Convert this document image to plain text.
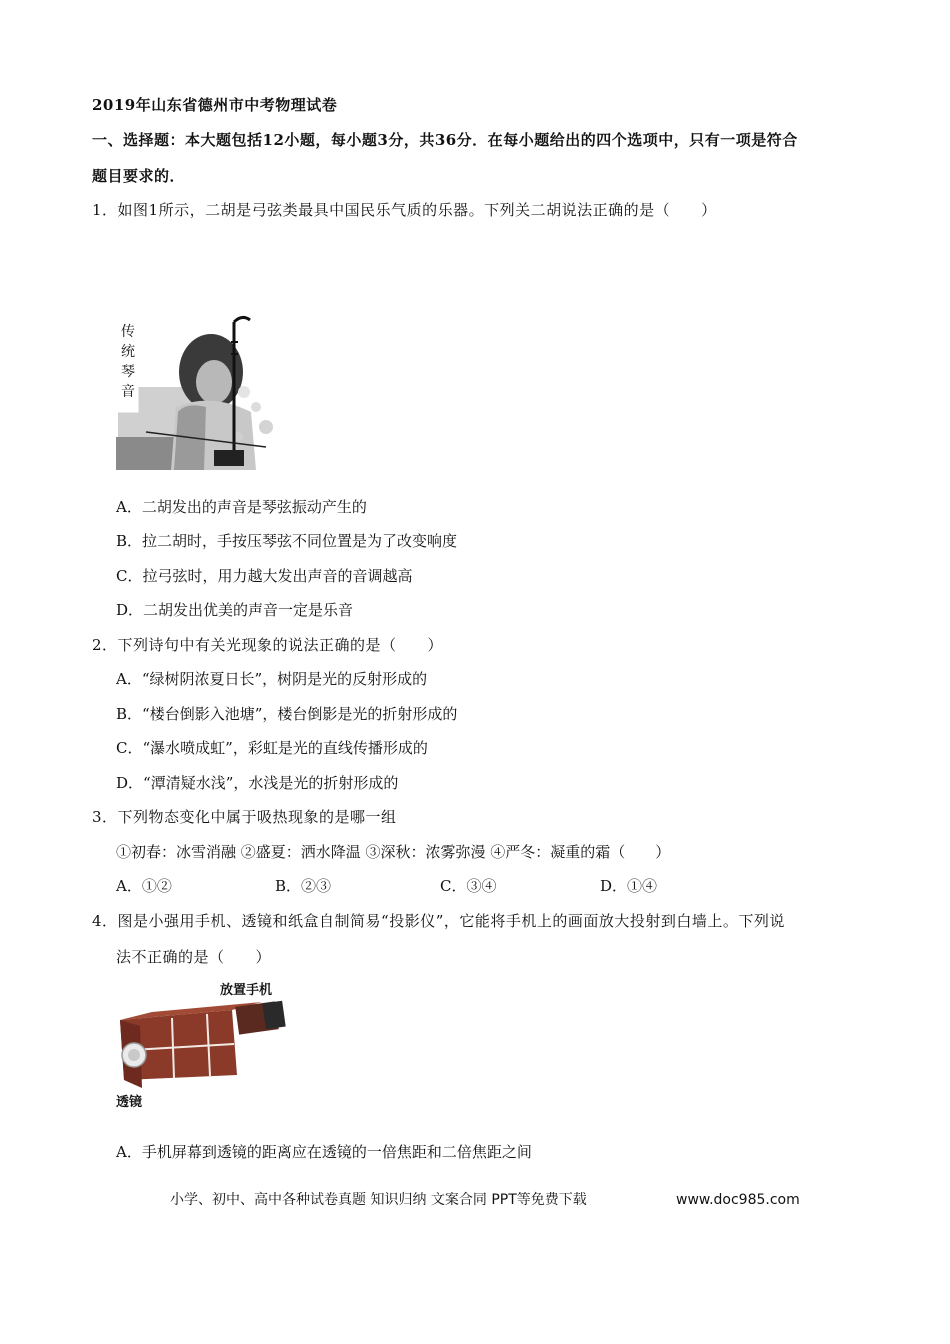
2019年山东省德州市中考物理试卷
一、选择题：本大题包括12小题，每小题3分，共36分．在每小题给出的四个选项中，只有一项是符合
题目要求的．
1．如图1所示，二胡是弓弦类最具中国民乐气质的乐器。下列关二胡说法正确的是（　　）
传
统
琴
音
A．二胡发出的声音是琴弦振动产生的
B．拉二胡时，手按压琴弦不同位置是为了改变响度
C．拉弓弦时，用力越大发出声音的音调越高
D．二胡发出优美的声音一定是乐音
2．下列诗句中有关光现象的说法正确的是（　　）
A．“绿树阴浓夏日长”，树阴是光的反射形成的
B．“楼台倒影入池塘”，楼台倒影是光的折射形成的
C．“瀑水喷成虹”，彩虹是光的直线传播形成的
D．“潭清疑水浅”，水浅是光的折射形成的
3．下列物态变化中属于吸热现象的是哪一组
①初春：冰雪消融 ②盛夏：洒水降温 ③深秋：浓雾弥漫 ④严冬：凝重的霜（　　）
A．①②	B．②③	C．③④	D．①④
4．图是小强用手机、透镜和纸盒自制简易“投影仪”，它能将手机上的画面放大投射到白墙上。下列说
法不正确的是（　　）
放置手机
透镜
A．手机屏幕到透镜的距离应在透镜的一倍焦距和二倍焦距之间
小学、初中、高中各种试卷真题 知识归纳 文案合同 PPT等免费下载	www.doc985.com
